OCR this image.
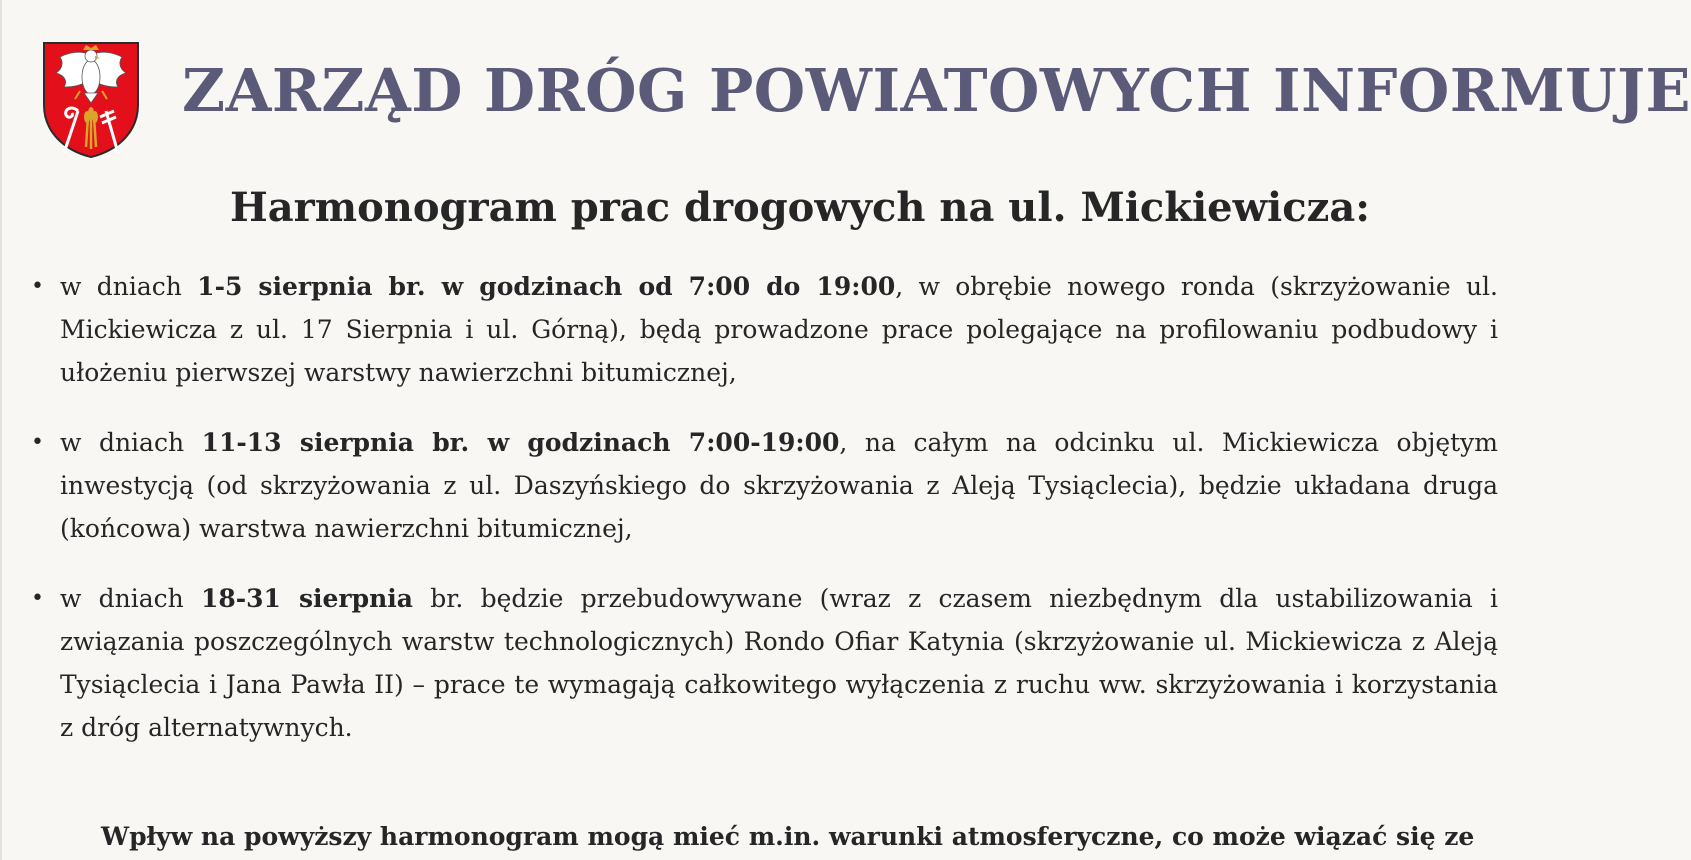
ZARZĄD DRÓG POWIATOWYCH INFORMUJE
Harmonogram prac drogowych na ul. Mickiewicza:
• w dniach 1-5 sierpnia br. w godzinach od 7:00 do 19:00, w obrębie nowego ronda (skrzyżowanie ul. Mickiewicza z ul. 17 Sierpnia i ul. Górną), będą prowadzone prace polegające na profilowaniu podbudowy i ułożeniu pierwszej warstwy nawierzchni bitumicznej,
• w dniach 11-13 sierpnia br. w godzinach 7:00-19:00, na całym na odcinku ul. Mickiewicza objętym inwestycją (od skrzyżowania z ul. Daszyńskiego do skrzyżowania z Aleją Tysiąclecia), będzie układana druga (końcowa) warstwa nawierzchni bitumicznej,
• w dniach 18-31 sierpnia br. będzie przebudowywane (wraz z czasem niezbędnym dla ustabilizowania i związania poszczególnych warstw technologicznych) Rondo Ofiar Katynia (skrzyżowanie ul. Mickiewicza z Aleją Tysiąclecia i Jana Pawła II) – prace te wymagają całkowitego wyłączenia z ruchu ww. skrzyżowania i korzystania z dróg alternatywnych.

Wpływ na powyższy harmonogram mogą mieć m.in. warunki atmosferyczne, co może wiązać się ze
